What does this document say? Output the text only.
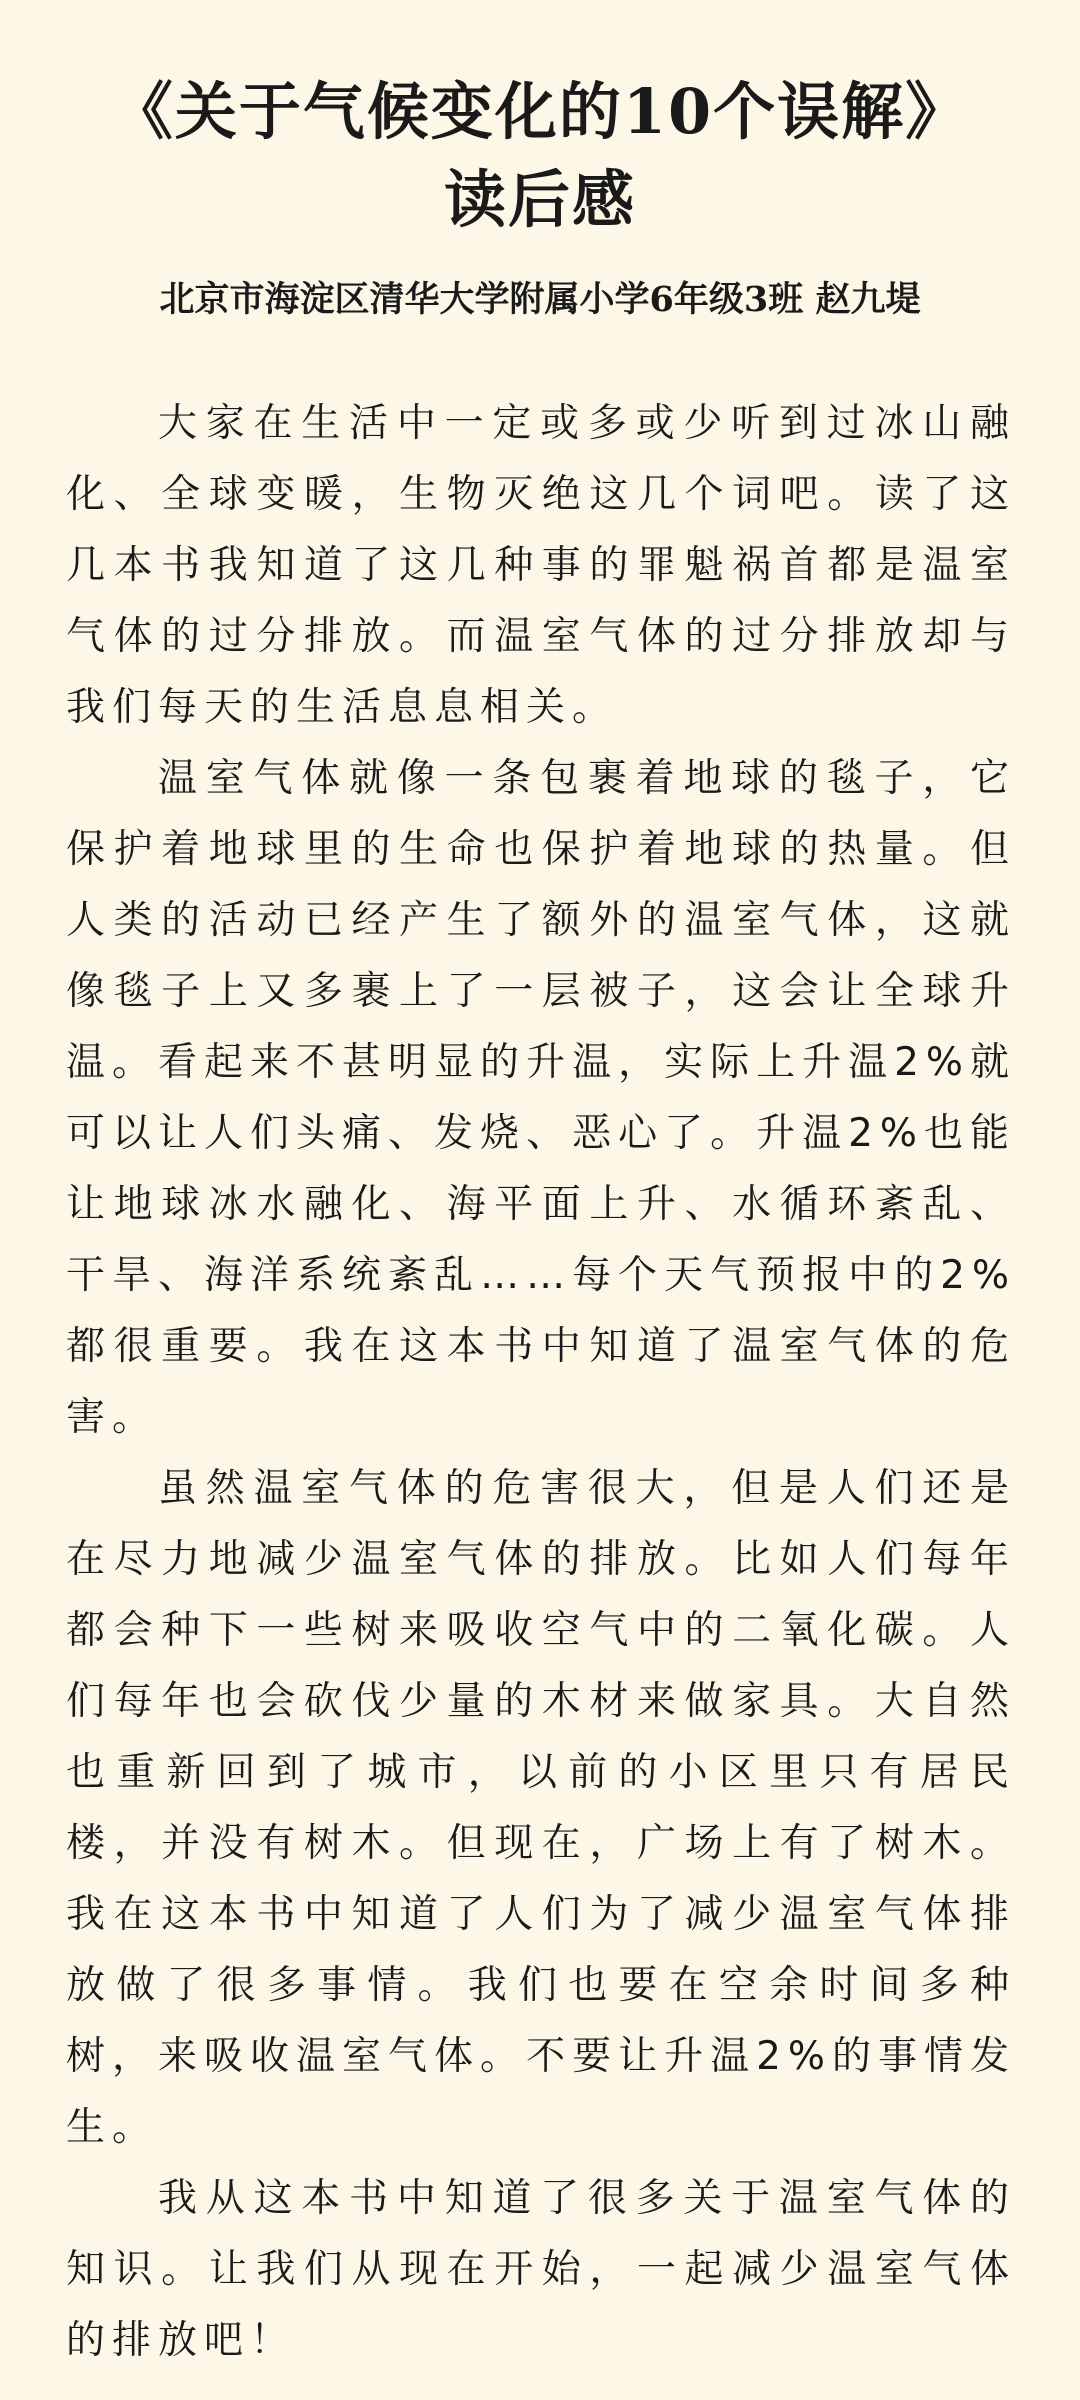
《关于气候变化的10个误解》
读后感
北京市海淀区清华大学附属小学6年级3班 赵九堤

大家在生活中一定或多或少听到过冰山融化、全球变暖，生物灭绝这几个词吧。读了这几本书我知道了这几种事的罪魁祸首都是温室气体的过分排放。而温室气体的过分排放却与我们每天的生活息息相关。

温室气体就像一条包裹着地球的毯子，它保护着地球里的生命也保护着地球的热量。但人类的活动已经产生了额外的温室气体，这就像毯子上又多裹上了一层被子，这会让全球升温。看起来不甚明显的升温，实际上升温2%就可以让人们头痛、发烧、恶心了。升温2%也能让地球冰水融化、海平面上升、水循环紊乱、干旱、海洋系统紊乱……每个天气预报中的2%都很重要。我在这本书中知道了温室气体的危害。

虽然温室气体的危害很大，但是人们还是在尽力地减少温室气体的排放。比如人们每年都会种下一些树来吸收空气中的二氧化碳。人们每年也会砍伐少量的木材来做家具。大自然也重新回到了城市，以前的小区里只有居民楼，并没有树木。但现在，广场上有了树木。我在这本书中知道了人们为了减少温室气体排放做了很多事情。我们也要在空余时间多种树，来吸收温室气体。不要让升温2%的事情发生。

我从这本书中知道了很多关于温室气体的知识。让我们从现在开始，一起减少温室气体的排放吧！
